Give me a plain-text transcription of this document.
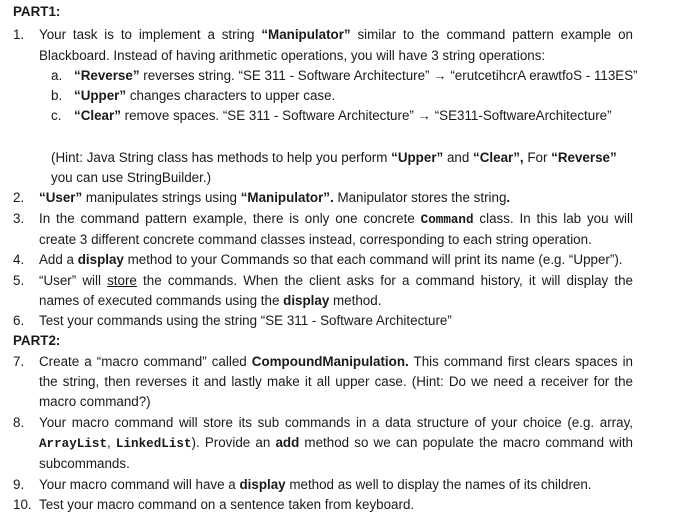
PART1:
1.	Your task is to implement a string “Manipulator” similar to the command pattern example on Blackboard. Instead of having arithmetic operations, you will have 3 string operations:
a. “Reverse” reverses string. “SE 311 - Software Architecture” → “erutcetihcrA erawtfoS - 113ES”
b. “Upper” changes characters to upper case.
c. “Clear” remove spaces. “SE 311 - Software Architecture” → “SE311-SoftwareArchitecture”
(Hint: Java String class has methods to help you perform “Upper” and “Clear”, For “Reverse” you can use StringBuilder.)
2.	“User” manipulates strings using “Manipulator”. Manipulator stores the string.
3.	In the command pattern example, there is only one concrete Command class. In this lab you will create 3 different concrete command classes instead, corresponding to each string operation.
4.	Add a display method to your Commands so that each command will print its name (e.g. “Upper”).
5.	“User” will store the commands. When the client asks for a command history, it will display the names of executed commands using the display method.
6.	Test your commands using the string “SE 311 - Software Architecture”
PART2:
7.	Create a “macro command” called CompoundManipulation. This command first clears spaces in the string, then reverses it and lastly make it all upper case. (Hint: Do we need a receiver for the macro command?)
8.	Your macro command will store its sub commands in a data structure of your choice (e.g. array, ArrayList, LinkedList). Provide an add method so we can populate the macro command with subcommands.
9.	Your macro command will have a display method as well to display the names of its children.
10. Test your macro command on a sentence taken from keyboard.
